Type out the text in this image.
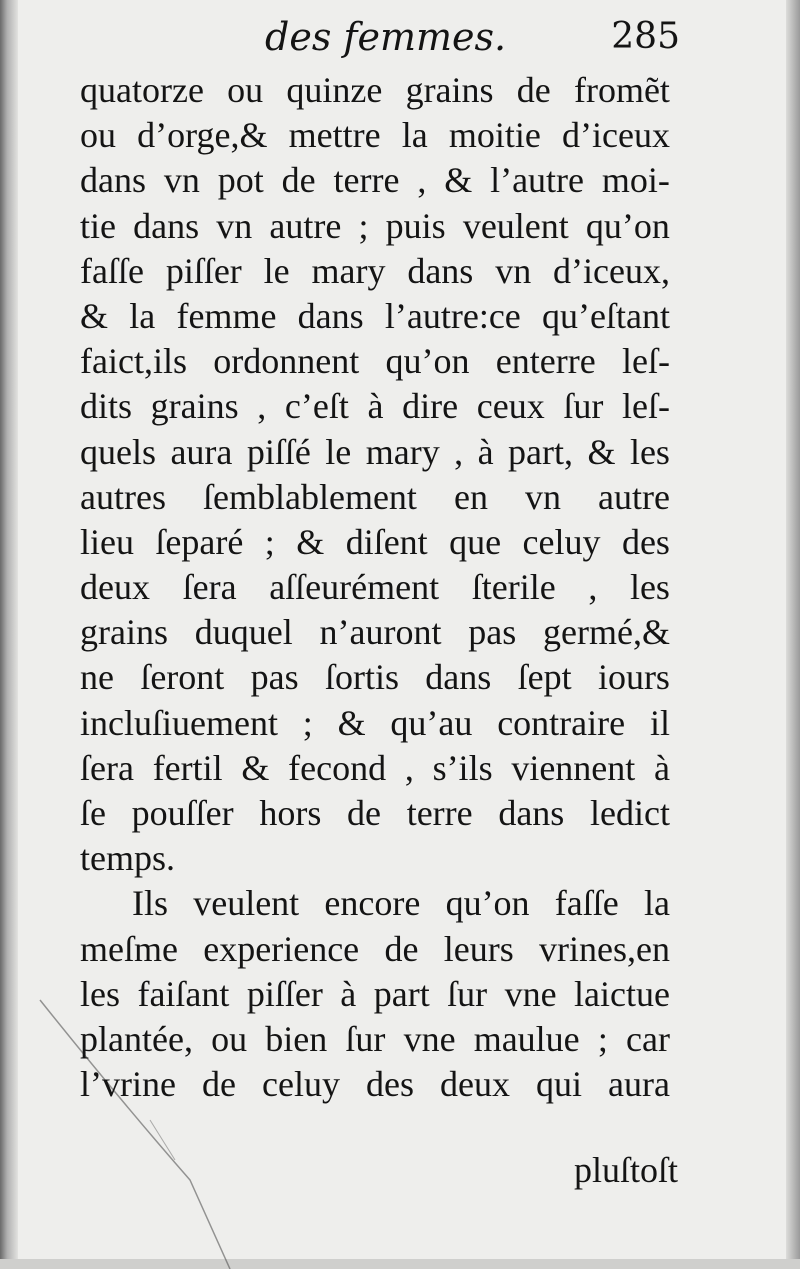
des femmes.	285
quatorze ou quinze grains de fromẽt
ou d’orge,& mettre la moitie d’iceux
dans vn pot de terre , & l’autre moi-
tie dans vn autre ; puis veulent qu’on
faſſe piſſer le mary dans vn d’iceux,
& la femme dans l’autre:ce qu’eſtant
faict,ils ordonnent qu’on enterre leſ-
dits grains , c’eſt à dire ceux ſur leſ-
quels aura piſſé le mary , à part, & les
autres ſemblablement en vn autre
lieu ſeparé ; & diſent que celuy des
deux ſera aſſeurément ſterile , les
grains duquel n’auront pas germé,&
ne ſeront pas ſortis dans ſept iours
incluſiuement ; & qu’au contraire il
ſera fertil & fecond , s’ils viennent à
ſe pouſſer hors de terre dans ledict
temps.
Ils veulent encore qu’on faſſe la
meſme experience de leurs vrines,en
les faiſant piſſer à part ſur vne laictue
plantée, ou bien ſur vne maulue ; car
l’vrine de celuy des deux qui aura
pluſtoſt
